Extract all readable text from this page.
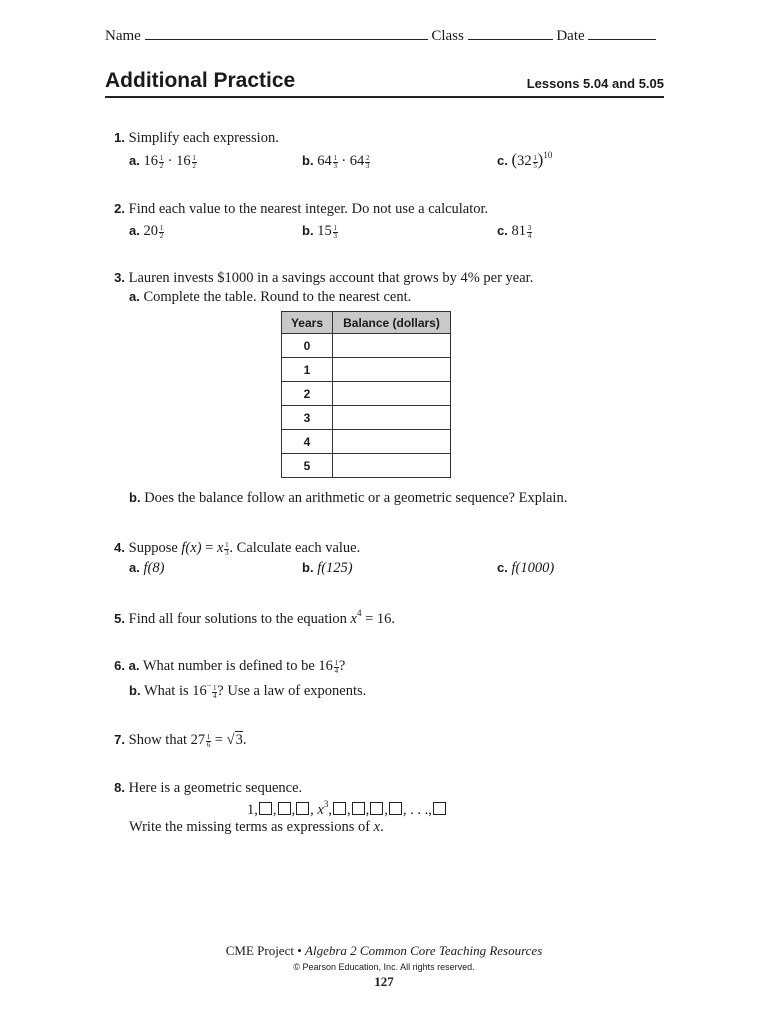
Name	Class	Date
Additional Practice	Lessons 5.04 and 5.05
1. Simplify each expression.
a. $16 \frac{1}{2} \cdot 16 \frac{1}{2}$	b. $64 \frac{1}{3} \cdot 64 \frac{2}{3}$	c. $(32 \frac{1}{5} )^{10}$
2. Find each value to the nearest integer. Do not use a calculator.
a. $20 \frac{1}{2}$	b. $15 \frac{1}{3}$	c. $81 \frac{3}{4}$
3. Lauren invests $1000 in a savings account that grows by 4% per year.
a. Complete the table. Round to the nearest cent.
Years	Balance (dollars)
0	
1	
2	
3	
4	
5	
b. Does the balance follow an arithmetic or a geometric sequence? Explain.
4. Suppose f(x) = x $\frac{1}{3}$ . Calculate each value.
a. f(8)	b. f(125)	c. f(1000)
5. Find all four solutions to the equation $x^4 = 16$.
6. a. What number is defined to be $16 \frac{1}{4}$ ?
b. What is $16^- \frac{1}{4}$ ? Use a law of exponents.
7. Show that $27 \frac{1}{6} = √3$.
8. Here is a geometric sequence.
1, , , , $x^3$, , , , , . . .,
Write the missing terms as expressions of x.
CME Project • Algebra 2 Common Core Teaching Resources
© Pearson Education, Inc. All rights reserved.
127
